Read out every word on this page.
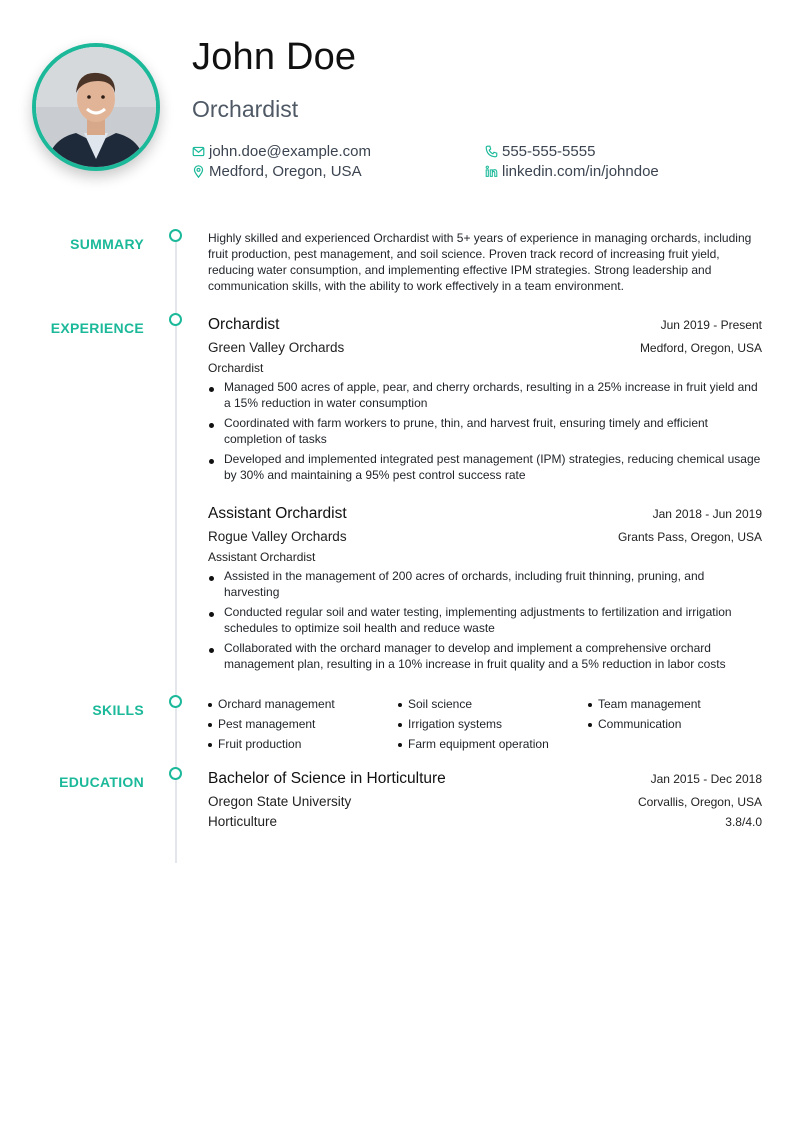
John Doe
Orchardist
john.doe@example.com
Medford, Oregon, USA
555-555-5555
linkedin.com/in/johndoe
SUMMARY	Highly skilled and experienced Orchardist with 5+ years of experience in managing orchards, including fruit production, pest management, and soil science. Proven track record of increasing fruit yield, reducing water consumption, and implementing effective IPM strategies. Strong leadership and communication skills, with the ability to work effectively in a team environment.
EXPERIENCE	Orchardist	Jun 2019 - Present
Green Valley Orchards	Medford, Oregon, USA
Orchardist
Managed 500 acres of apple, pear, and cherry orchards, resulting in a 25% increase in fruit yield and a 15% reduction in water consumption
Coordinated with farm workers to prune, thin, and harvest fruit, ensuring timely and efficient completion of tasks
Developed and implemented integrated pest management (IPM) strategies, reducing chemical usage by 30% and maintaining a 95% pest control success rate
Assistant Orchardist	Jan 2018 - Jun 2019
Rogue Valley Orchards	Grants Pass, Oregon, USA
Assistant Orchardist
Assisted in the management of 200 acres of orchards, including fruit thinning, pruning, and harvesting
Conducted regular soil and water testing, implementing adjustments to fertilization and irrigation schedules to optimize soil health and reduce waste
Collaborated with the orchard manager to develop and implement a comprehensive orchard management plan, resulting in a 10% increase in fruit quality and a 5% reduction in labor costs
SKILLS	Orchard management	Soil science	Team management
Pest management	Irrigation systems	Communication
Fruit production	Farm equipment operation
EDUCATION	Bachelor of Science in Horticulture	Jan 2015 - Dec 2018
Oregon State University	Corvallis, Oregon, USA
Horticulture	3.8/4.0
